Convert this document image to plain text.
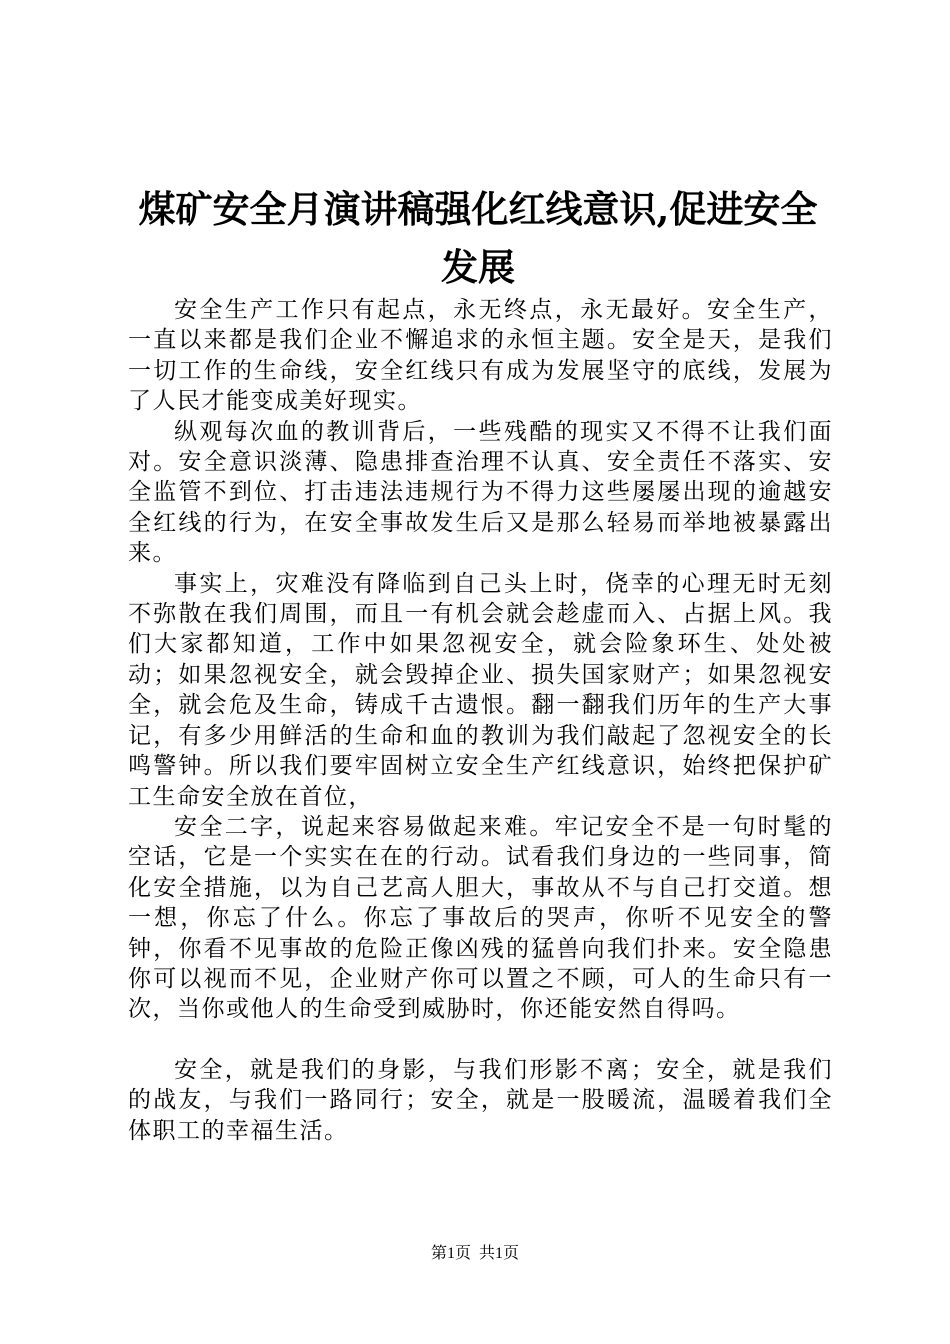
煤矿安全月演讲稿强化红线意识,促进安全发展

安全生产工作只有起点，永无终点，永无最好。安全生产，一直以来都是我们企业不懈追求的永恒主题。安全是天，是我们一切工作的生命线，安全红线只有成为发展坚守的底线，发展为了人民才能变成美好现实。

纵观每次血的教训背后，一些残酷的现实又不得不让我们面对。安全意识淡薄、隐患排查治理不认真、安全责任不落实、安全监管不到位、打击违法违规行为不得力这些屡屡出现的逾越安全红线的行为，在安全事故发生后又是那么轻易而举地被暴露出来。

事实上，灾难没有降临到自己头上时，侥幸的心理无时无刻不弥散在我们周围，而且一有机会就会趁虚而入、占据上风。我们大家都知道，工作中如果忽视安全，就会险象环生、处处被动；如果忽视安全，就会毁掉企业、损失国家财产；如果忽视安全，就会危及生命，铸成千古遗恨。翻一翻我们历年的生产大事记，有多少用鲜活的生命和血的教训为我们敲起了忽视安全的长鸣警钟。所以我们要牢固树立安全生产红线意识，始终把保护矿工生命安全放在首位，

安全二字，说起来容易做起来难。牢记安全不是一句时髦的空话，它是一个实实在在的行动。试看我们身边的一些同事，简化安全措施，以为自己艺高人胆大，事故从不与自己打交道。想一想，你忘了什么。你忘了事故后的哭声，你听不见安全的警钟，你看不见事故的危险正像凶残的猛兽向我们扑来。安全隐患你可以视而不见，企业财产你可以置之不顾，可人的生命只有一次，当你或他人的生命受到威胁时，你还能安然自得吗。

安全，就是我们的身影，与我们形影不离；安全，就是我们的战友，与我们一路同行；安全，就是一股暖流，温暖着我们全体职工的幸福生活。

第1页 共1页
